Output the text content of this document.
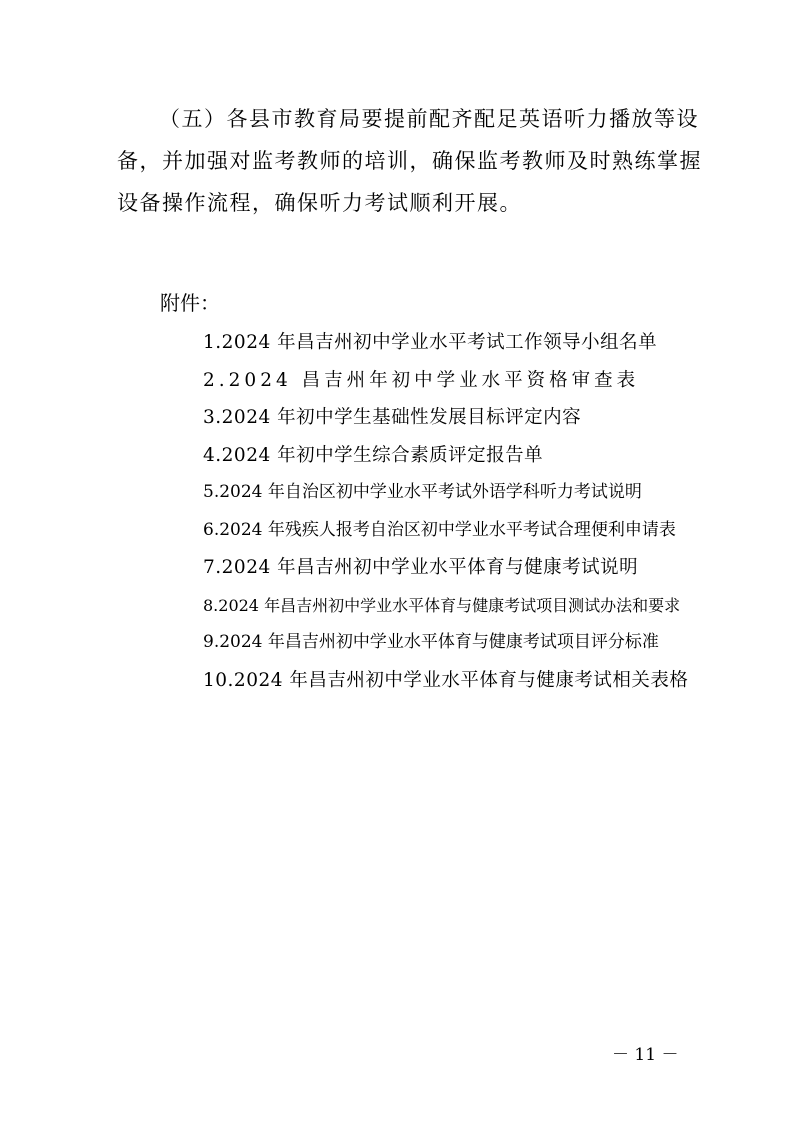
（五）各县市教育局要提前配齐配足英语听力播放等设
备，并加强对监考教师的培训，确保监考教师及时熟练掌握
设备操作流程，确保听力考试顺利开展。
附件：
1.2024 年昌吉州初中学业水平考试工作领导小组名单
2.2024 昌吉州年初中学业水平资格审查表
3.2024 年初中学生基础性发展目标评定内容
4.2024 年初中学生综合素质评定报告单
5.2024 年自治区初中学业水平考试外语学科听力考试说明
6.2024 年残疾人报考自治区初中学业水平考试合理便利申请表
7.2024 年昌吉州初中学业水平体育与健康考试说明
8.2024 年昌吉州初中学业水平体育与健康考试项目测试办法和要求
9.2024 年昌吉州初中学业水平体育与健康考试项目评分标准
10.2024 年昌吉州初中学业水平体育与健康考试相关表格
－ 11 －
